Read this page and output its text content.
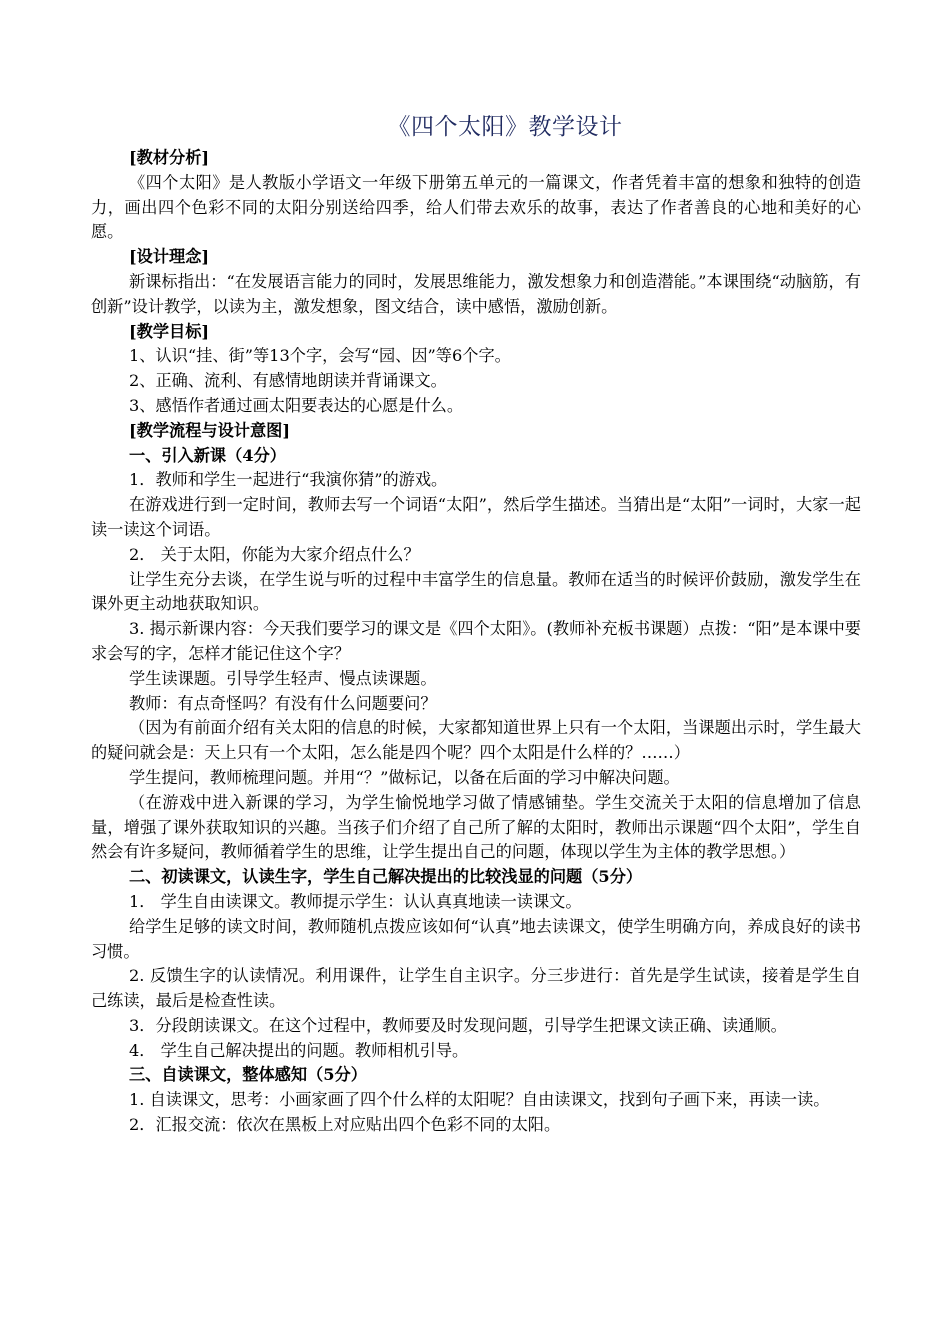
《四个太阳》教学设计

[教材分析]

《四个太阳》是人教版小学语文一年级下册第五单元的一篇课文，作者凭着丰富的想象和独特的创造力，画出四个色彩不同的太阳分别送给四季，给人们带去欢乐的故事，表达了作者善良的心地和美好的心愿。

[设计理念]

新课标指出：“在发展语言能力的同时，发展思维能力，激发想象力和创造潜能。”本课围绕“动脑筋，有创新”设计教学，以读为主，激发想象，图文结合，读中感悟，激励创新。

[教学目标]

1、认识“挂、街”等13个字，会写“园、因”等6个字。

2、正确、流利、有感情地朗读并背诵课文。

3、感悟作者通过画太阳要表达的心愿是什么。

[教学流程与设计意图]

一、引入新课（4分）

1．教师和学生一起进行“我演你猜”的游戏。

在游戏进行到一定时间，教师去写一个词语“太阳”，然后学生描述。当猜出是“太阳”一词时，大家一起读一读这个词语。

2． 关于太阳，你能为大家介绍点什么？

让学生充分去谈，在学生说与听的过程中丰富学生的信息量。教师在适当的时候评价鼓励，激发学生在课外更主动地获取知识。

3. 揭示新课内容：今天我们要学习的课文是《四个太阳》。(教师补充板书课题）点拨：“阳”是本课中要求会写的字，怎样才能记住这个字？

学生读课题。引导学生轻声、慢点读课题。

教师：有点奇怪吗？有没有什么问题要问？

（因为有前面介绍有关太阳的信息的时候，大家都知道世界上只有一个太阳，当课题出示时，学生最大的疑问就会是：天上只有一个太阳，怎么能是四个呢？四个太阳是什么样的？……）

学生提问，教师梳理问题。并用“？”做标记，以备在后面的学习中解决问题。

（在游戏中进入新课的学习，为学生愉悦地学习做了情感铺垫。学生交流关于太阳的信息增加了信息量，增强了课外获取知识的兴趣。当孩子们介绍了自己所了解的太阳时，教师出示课题“四个太阳”，学生自然会有许多疑问，教师循着学生的思维，让学生提出自己的问题，体现以学生为主体的教学思想。）

二、初读课文，认读生字，学生自己解决提出的比较浅显的问题（5分）

1． 学生自由读课文。教师提示学生：认认真真地读一读课文。

给学生足够的读文时间，教师随机点拨应该如何“认真”地去读课文，使学生明确方向，养成良好的读书习惯。

2. 反馈生字的认读情况。利用课件，让学生自主识字。分三步进行：首先是学生试读，接着是学生自己练读，最后是检查性读。

3．分段朗读课文。在这个过程中，教师要及时发现问题，引导学生把课文读正确、读通顺。

4． 学生自己解决提出的问题。教师相机引导。

三、自读课文，整体感知（5分）

1. 自读课文，思考：小画家画了四个什么样的太阳呢？自由读课文，找到句子画下来，再读一读。

2．汇报交流：依次在黑板上对应贴出四个色彩不同的太阳。
